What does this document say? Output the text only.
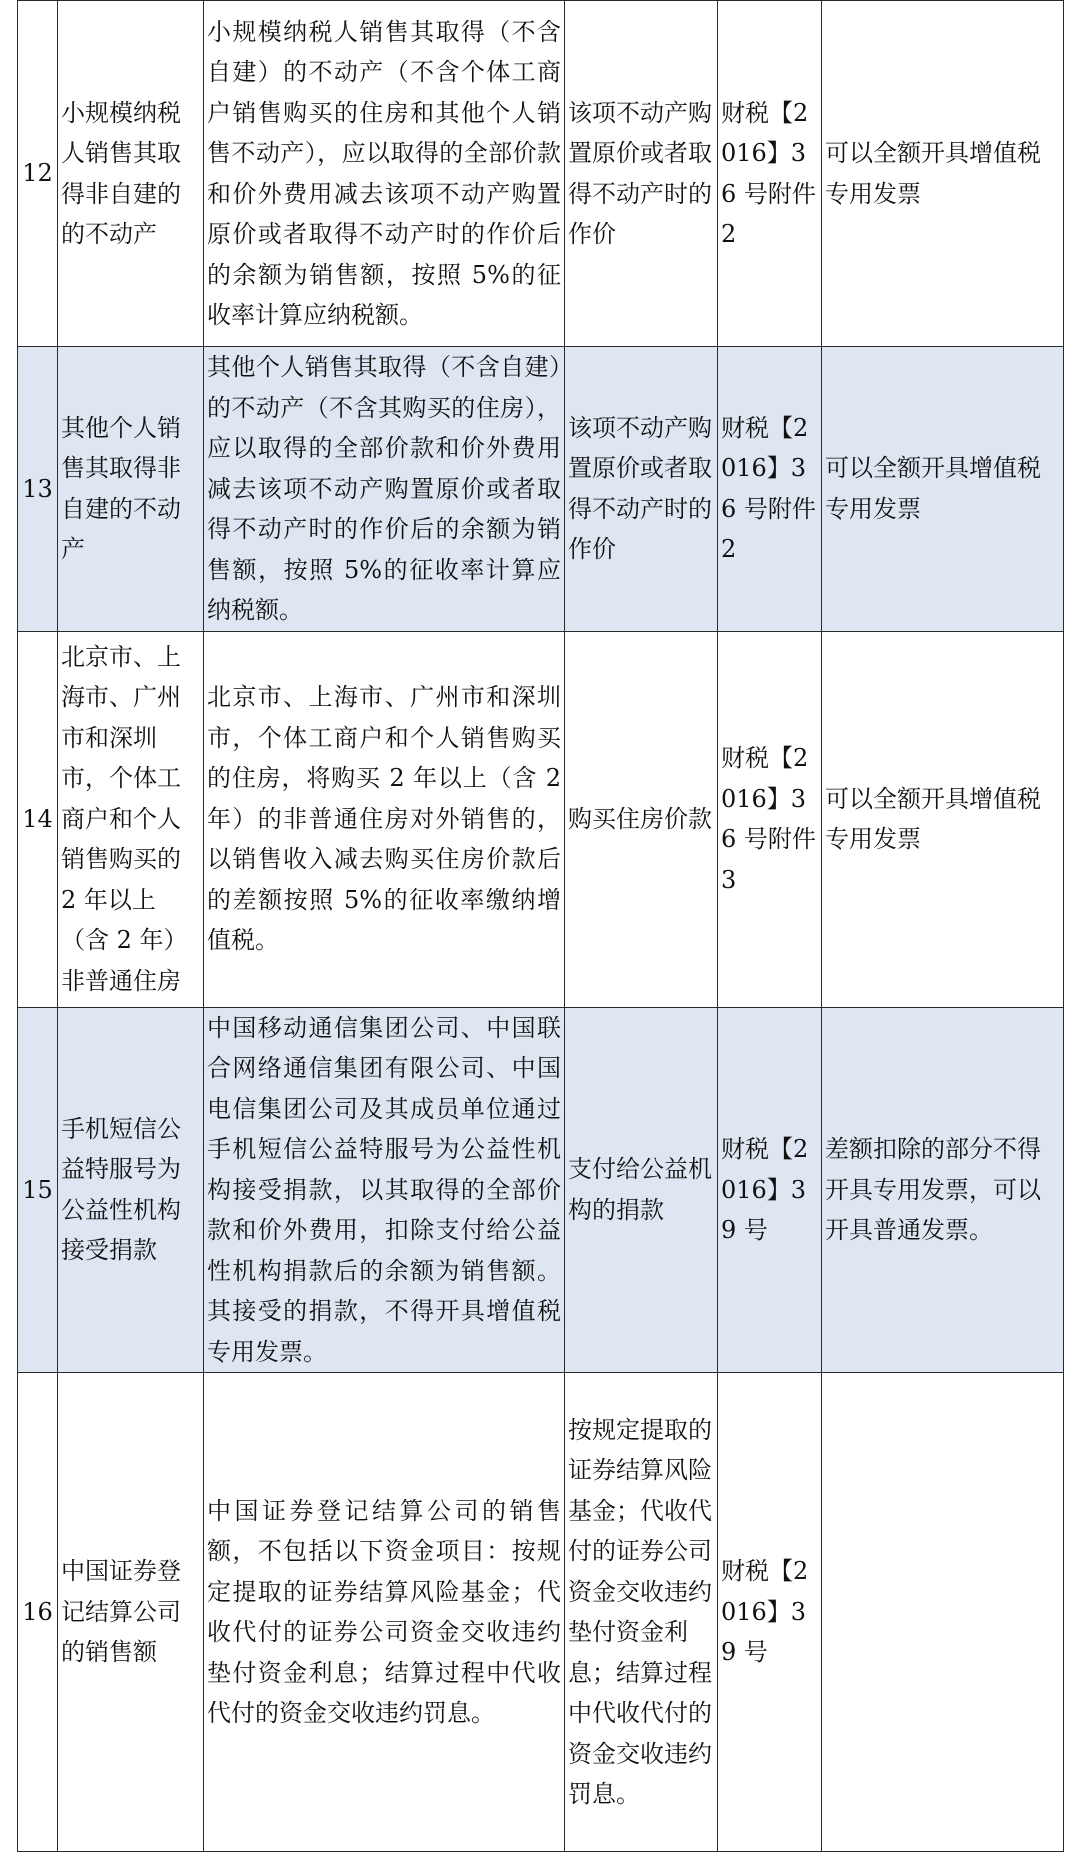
12	小规模纳税人销售其取得非自建的的不动产	小规模纳税人销售其取得（不含自建）的不动产（不含个体工商户销售购买的住房和其他个人销售不动产），应以取得的全部价款和价外费用减去该项不动产购置原价或者取得不动产时的作价后的余额为销售额，按照 5%的征收率计算应纳税额。	该项不动产购置原价或者取得不动产时的作价	财税【2016】36 号附件 2	可以全额开具增值税专用发票
13	其他个人销售其取得非自建的不动产	其他个人销售其取得（不含自建）的不动产（不含其购买的住房），应以取得的全部价款和价外费用减去该项不动产购置原价或者取得不动产时的作价后的余额为销售额，按照 5%的征收率计算应纳税额。	该项不动产购置原价或者取得不动产时的作价	财税【2016】36 号附件 2	可以全额开具增值税专用发票
14	北京市、上海市、广州市和深圳市，个体工商户和个人销售购买的 2 年以上（含 2 年）非普通住房	北京市、上海市、广州市和深圳市，个体工商户和个人销售购买的住房，将购买 2 年以上（含 2 年）的非普通住房对外销售的，以销售收入减去购买住房价款后的差额按照 5%的征收率缴纳增值税。	购买住房价款	财税【2016】36 号附件 3	可以全额开具增值税专用发票
15	手机短信公益特服号为公益性机构接受捐款	中国移动通信集团公司、中国联合网络通信集团有限公司、中国电信集团公司及其成员单位通过手机短信公益特服号为公益性机构接受捐款，以其取得的全部价款和价外费用，扣除支付给公益性机构捐款后的余额为销售额。其接受的捐款，不得开具增值税专用发票。	支付给公益机构的捐款	财税【2016】39 号	差额扣除的部分不得开具专用发票，可以开具普通发票。
16	中国证券登记结算公司的销售额	中国证券登记结算公司的销售额，不包括以下资金项目：按规定提取的证券结算风险基金；代收代付的证券公司资金交收违约垫付资金利息；结算过程中代收代付的资金交收违约罚息。	按规定提取的证券结算风险基金；代收代付的证券公司资金交收违约垫付资金利息；结算过程中代收代付的资金交收违约罚息。	财税【2016】39 号	
